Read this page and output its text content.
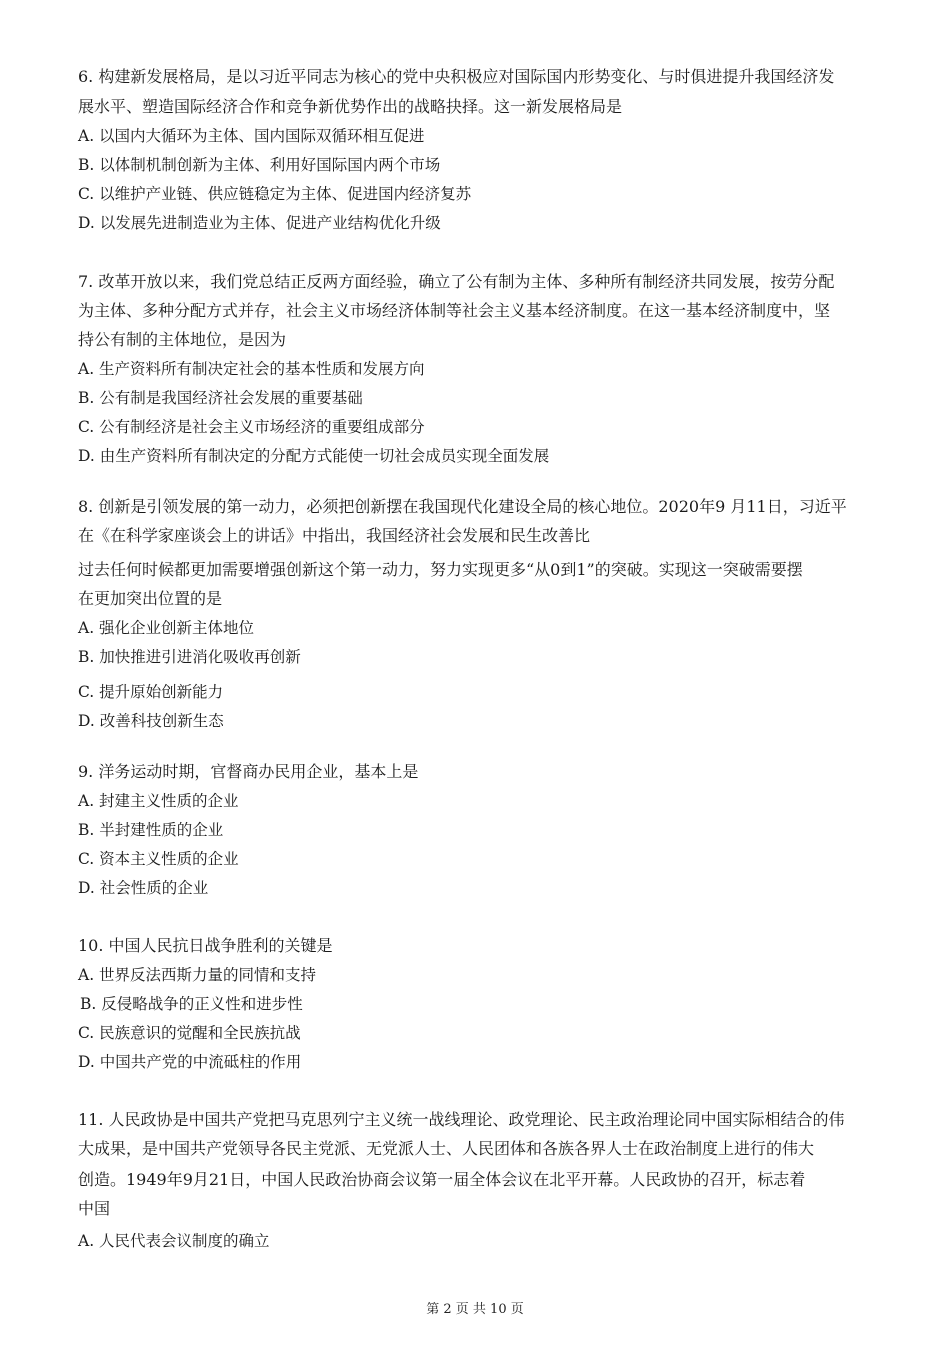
6. 构建新发展格局，是以习近平同志为核心的党中央积极应对国际国内形势变化、与时俱进提升我国经济发
展水平、塑造国际经济合作和竞争新优势作出的战略抉择。这一新发展格局是
A. 以国内大循环为主体、国内国际双循环相互促进
B. 以体制机制创新为主体、利用好国际国内两个市场
C. 以维护产业链、供应链稳定为主体、促进国内经济复苏
D. 以发展先进制造业为主体、促进产业结构优化升级
7. 改革开放以来，我们党总结正反两方面经验，确立了公有制为主体、多种所有制经济共同发展，按劳分配
为主体、多种分配方式并存，社会主义市场经济体制等社会主义基本经济制度。在这一基本经济制度中，坚
持公有制的主体地位，是因为
A. 生产资料所有制决定社会的基本性质和发展方向
B. 公有制是我国经济社会发展的重要基础
C. 公有制经济是社会主义市场经济的重要组成部分
D. 由生产资料所有制决定的分配方式能使一切社会成员实现全面发展
8. 创新是引领发展的第一动力，必须把创新摆在我国现代化建设全局的核心地位。2020年9 月11日，习近平
在《在科学家座谈会上的讲话》中指出，我国经济社会发展和民生改善比
过去任何时候都更加需要增强创新这个第一动力，努力实现更多“从0到1”的突破。实现这一突破需要摆
在更加突出位置的是
A. 强化企业创新主体地位
B. 加快推进引进消化吸收再创新
C. 提升原始创新能力
D. 改善科技创新生态
9. 洋务运动时期，官督商办民用企业，基本上是
A. 封建主义性质的企业
B. 半封建性质的企业
C. 资本主义性质的企业
D. 社会性质的企业
10. 中国人民抗日战争胜利的关键是
A. 世界反法西斯力量的同情和支持
B. 反侵略战争的正义性和进步性
C. 民族意识的觉醒和全民族抗战
D. 中国共产党的中流砥柱的作用
11. 人民政协是中国共产党把马克思列宁主义统一战线理论、政党理论、民主政治理论同中国实际相结合的伟
大成果，是中国共产党领导各民主党派、无党派人士、人民团体和各族各界人士在政治制度上进行的伟大
创造。1949年9月21日，中国人民政治协商会议第一届全体会议在北平开幕。人民政协的召开，标志着
中国
A. 人民代表会议制度的确立
第 2 页 共 10 页
